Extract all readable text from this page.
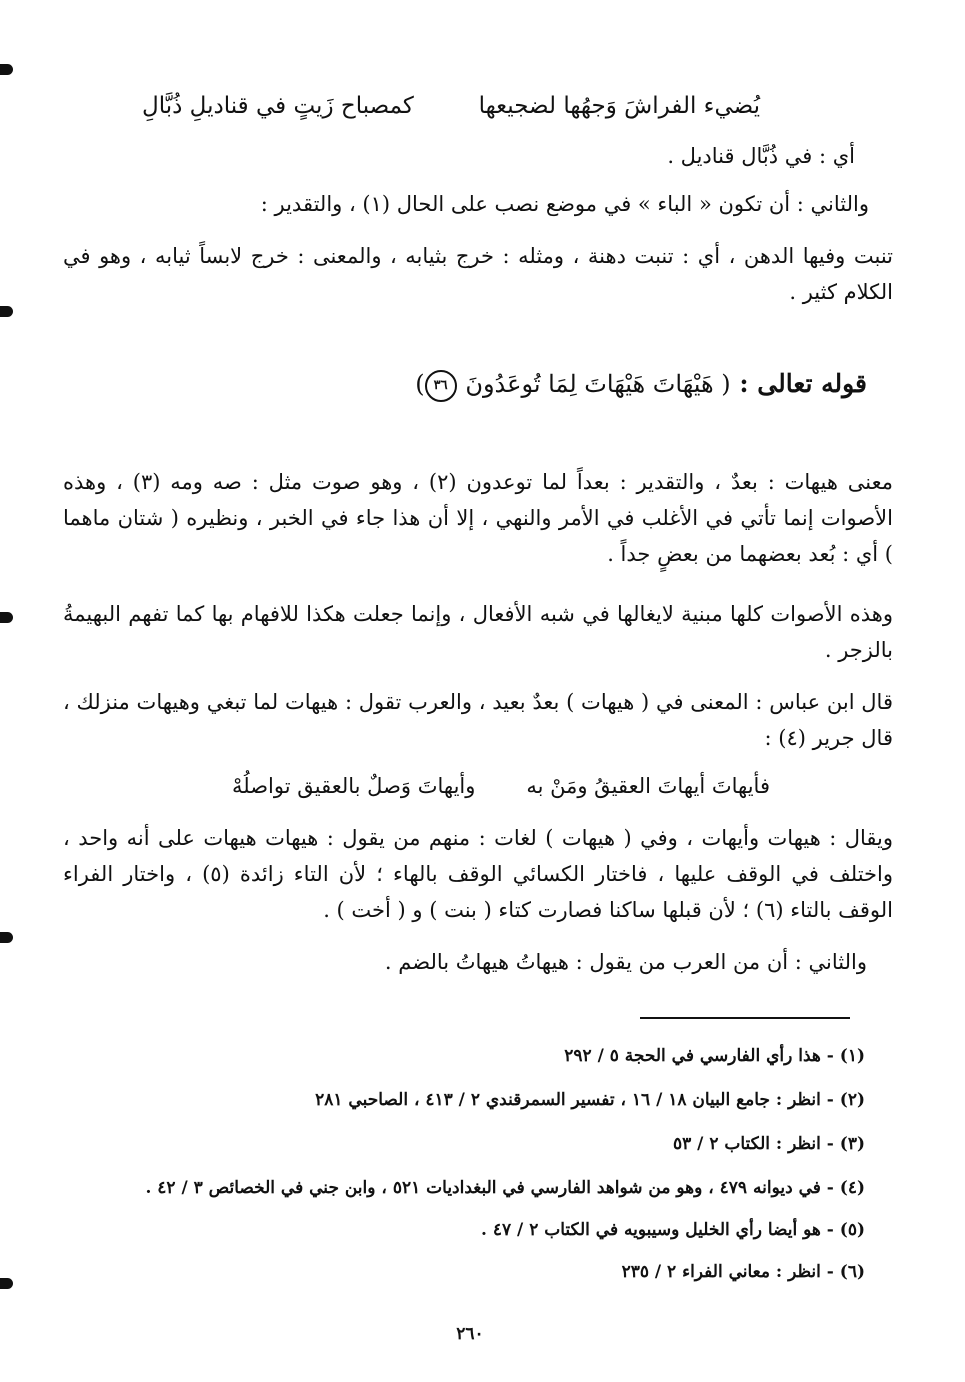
يُضيء الفراشَ وَجهُها لضجيعها
كمصباح زَيتٍ في قناديلِ ذُبَّالِ
أي : في ذُبَّال قناديل .
والثاني : أن تكون « الباء » في موضع نصب على الحال (١) ، والتقدير :
تنبت وفيها الدهن ، أي : تنبت دهنة ، ومثله : خرج بثيابه ، والمعنى : خرج لابساً ثيابه ، وهو في الكلام كثير .
قوله تعالى : ( هَيْهَاتَ هَيْهَاتَ لِمَا تُوعَدُونَ ٣٦)
معنى هيهات : بعدٌ ، والتقدير : بعداً لما توعدون (٢) ، وهو صوت مثل : صه ومه (٣) ، وهذه الأصوات إنما تأتي في الأغلب في الأمر والنهي ، إلا أن هذا جاء في الخبر ، ونظيره ( شتان ماهما ) أي : بُعد بعضهما من بعضٍ جداً .
وهذه الأصوات كلها مبنية لايغالها في شبه الأفعال ، وإنما جعلت هكذا للافهام بها كما تفهم البهيمةُ بالزجر .
قال ابن عباس : المعنى في ( هيهات ) بعدٌ بعيد ، والعرب تقول : هيهات لما تبغي وهيهات منزلك ، قال جرير (٤) :
فأيهاتَ أيهاتَ العقيقُ ومَنْ به
وأيهاتَ وَصلٌ بالعقيق تواصلُهْ
ويقال : هيهات وأيهات ، وفي ( هيهات ) لغات : منهم من يقول : هيهات هيهات على أنه واحد ، واختلف في الوقف عليها ، فاختار الكسائي الوقف بالهاء ؛ لأن التاء زائدة (٥) ، واختار الفراء الوقف بالتاء (٦) ؛ لأن قبلها ساكنا فصارت كتاء ( بنت ) و ( أخت ) .
والثاني : أن من العرب من يقول : هيهاتُ هيهاتُ بالضم .
(١) - هذا رأي الفارسي في الحجة ٥ / ٢٩٢
(٢) - انظر : جامع البيان ١٨ / ١٦ ، تفسير السمرقندي ٢ / ٤١٣ ، الصاحبي ٢٨١
(٣) - انظر : الكتاب ٢ / ٥٣
(٤) - في ديوانه ٤٧٩ ، وهو من شواهد الفارسي في البغداديات ٥٢١ ، وابن جني في الخصائص ٣ / ٤٢ .
(٥) - هو أيضا رأي الخليل وسيبويه في الكتاب ٢ / ٤٧ .
(٦) - انظر : معاني الفراء ٢ / ٢٣٥
٢٦٠
